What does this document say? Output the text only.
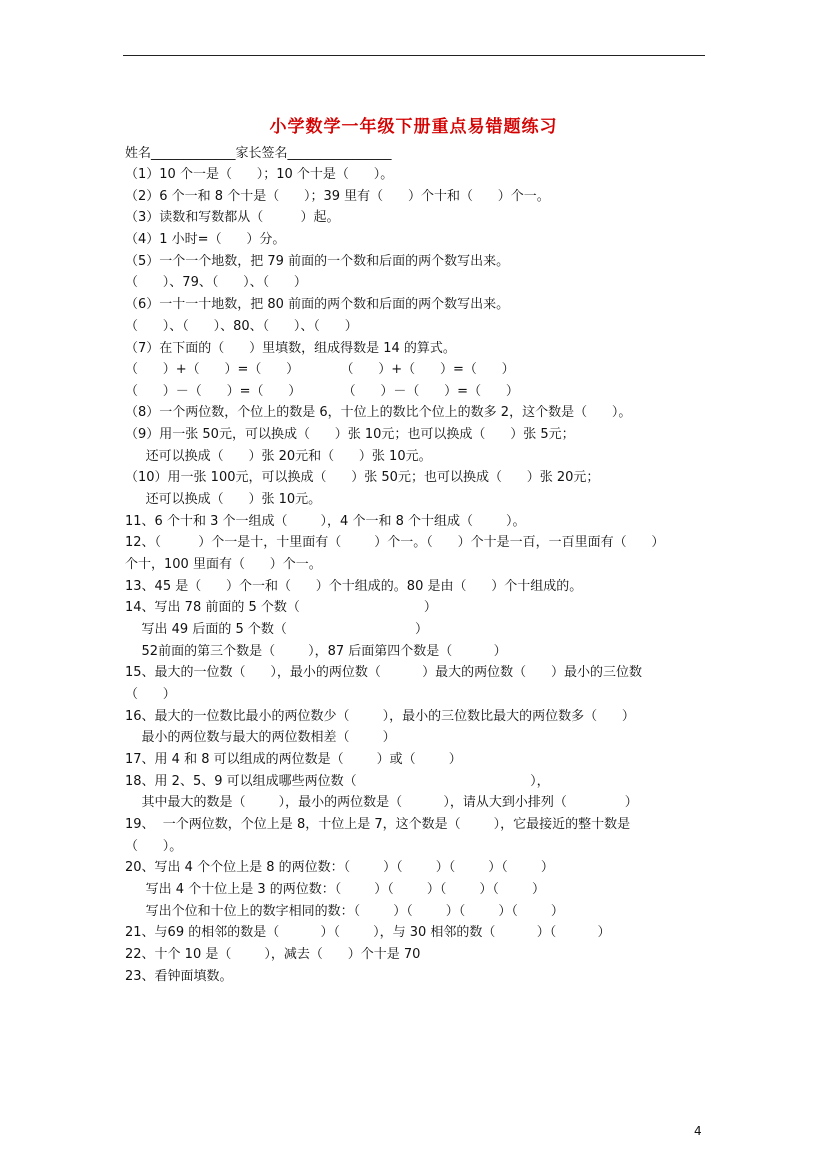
小学数学一年级下册重点易错题练习
姓名_____________家长签名________________
（1）10 个一是（      ）；10 个十是（      ）。
（2）6 个一和 8 个十是（      ）；39 里有（      ）个十和（      ）个一。
（3）读数和写数都从（         ）起。
（4）1 小时=（      ）分。
（5）一个一个地数，把 79 前面的一个数和后面的两个数写出来。
（      ）、79、（      ）、（      ）
（6）一十一十地数，把 80 前面的两个数和后面的两个数写出来。
（      ）、（      ）、80、（      ）、（      ）
（7）在下面的（      ）里填数，组成得数是 14 的算式。
（      ）+（      ）=（      ）          （      ）+（      ）=（      ）
（      ）－（      ）=（      ）          （      ）－（      ）=（      ）
（8）一个两位数，个位上的数是 6，十位上的数比个位上的数多 2，这个数是（      ）。
（9）用一张 50元，可以换成（      ）张 10元；也可以换成（      ）张 5元；
还可以换成（      ）张 20元和（      ）张 10元。
（10）用一张 100元，可以换成（      ）张 50元；也可以换成（      ）张 20元；
还可以换成（      ）张 10元。
11、6 个十和 3 个一组成（        ），4 个一和 8 个十组成（        ）。
12、（         ）个一是十，十里面有（        ）个一。（      ）个十是一百，一百里面有（      ）
个十，100 里面有（      ）个一。
13、45 是（      ）个一和（      ）个十组成的。80 是由（      ）个十组成的。
14、写出 78 前面的 5 个数（                              ）
写出 49 后面的 5 个数（                               ）
52前面的第三个数是（        ），87 后面第四个数是（          ）
15、最大的一位数（      ），最小的两位数（          ）最大的两位数（      ）最小的三位数
（      ）
16、最大的一位数比最小的两位数少（        ），最小的三位数比最大的两位数多（      ）
最小的两位数与最大的两位数相差（        ）
17、用 4 和 8 可以组成的两位数是（        ）或（        ）
18、用 2、5、9 可以组成哪些两位数（                                          ），
其中最大的数是（        ），最小的两位数是（          ），请从大到小排列（              ）
19、  一个两位数，个位上是 8，十位上是 7，这个数是（        ），它最接近的整十数是
（      ）。
20、写出 4 个个位上是 8 的两位数：（        ）（        ）（        ）（        ）
写出 4 个十位上是 3 的两位数：（        ）（        ）（        ）（        ）
写出个位和十位上的数字相同的数：（        ）（        ）（        ）（        ）
21、与69 的相邻的数是（          ）（        ），与 30 相邻的数（          ）（          ）
22、十个 10 是（        ），减去（      ）个十是 70
23、看钟面填数。
4
